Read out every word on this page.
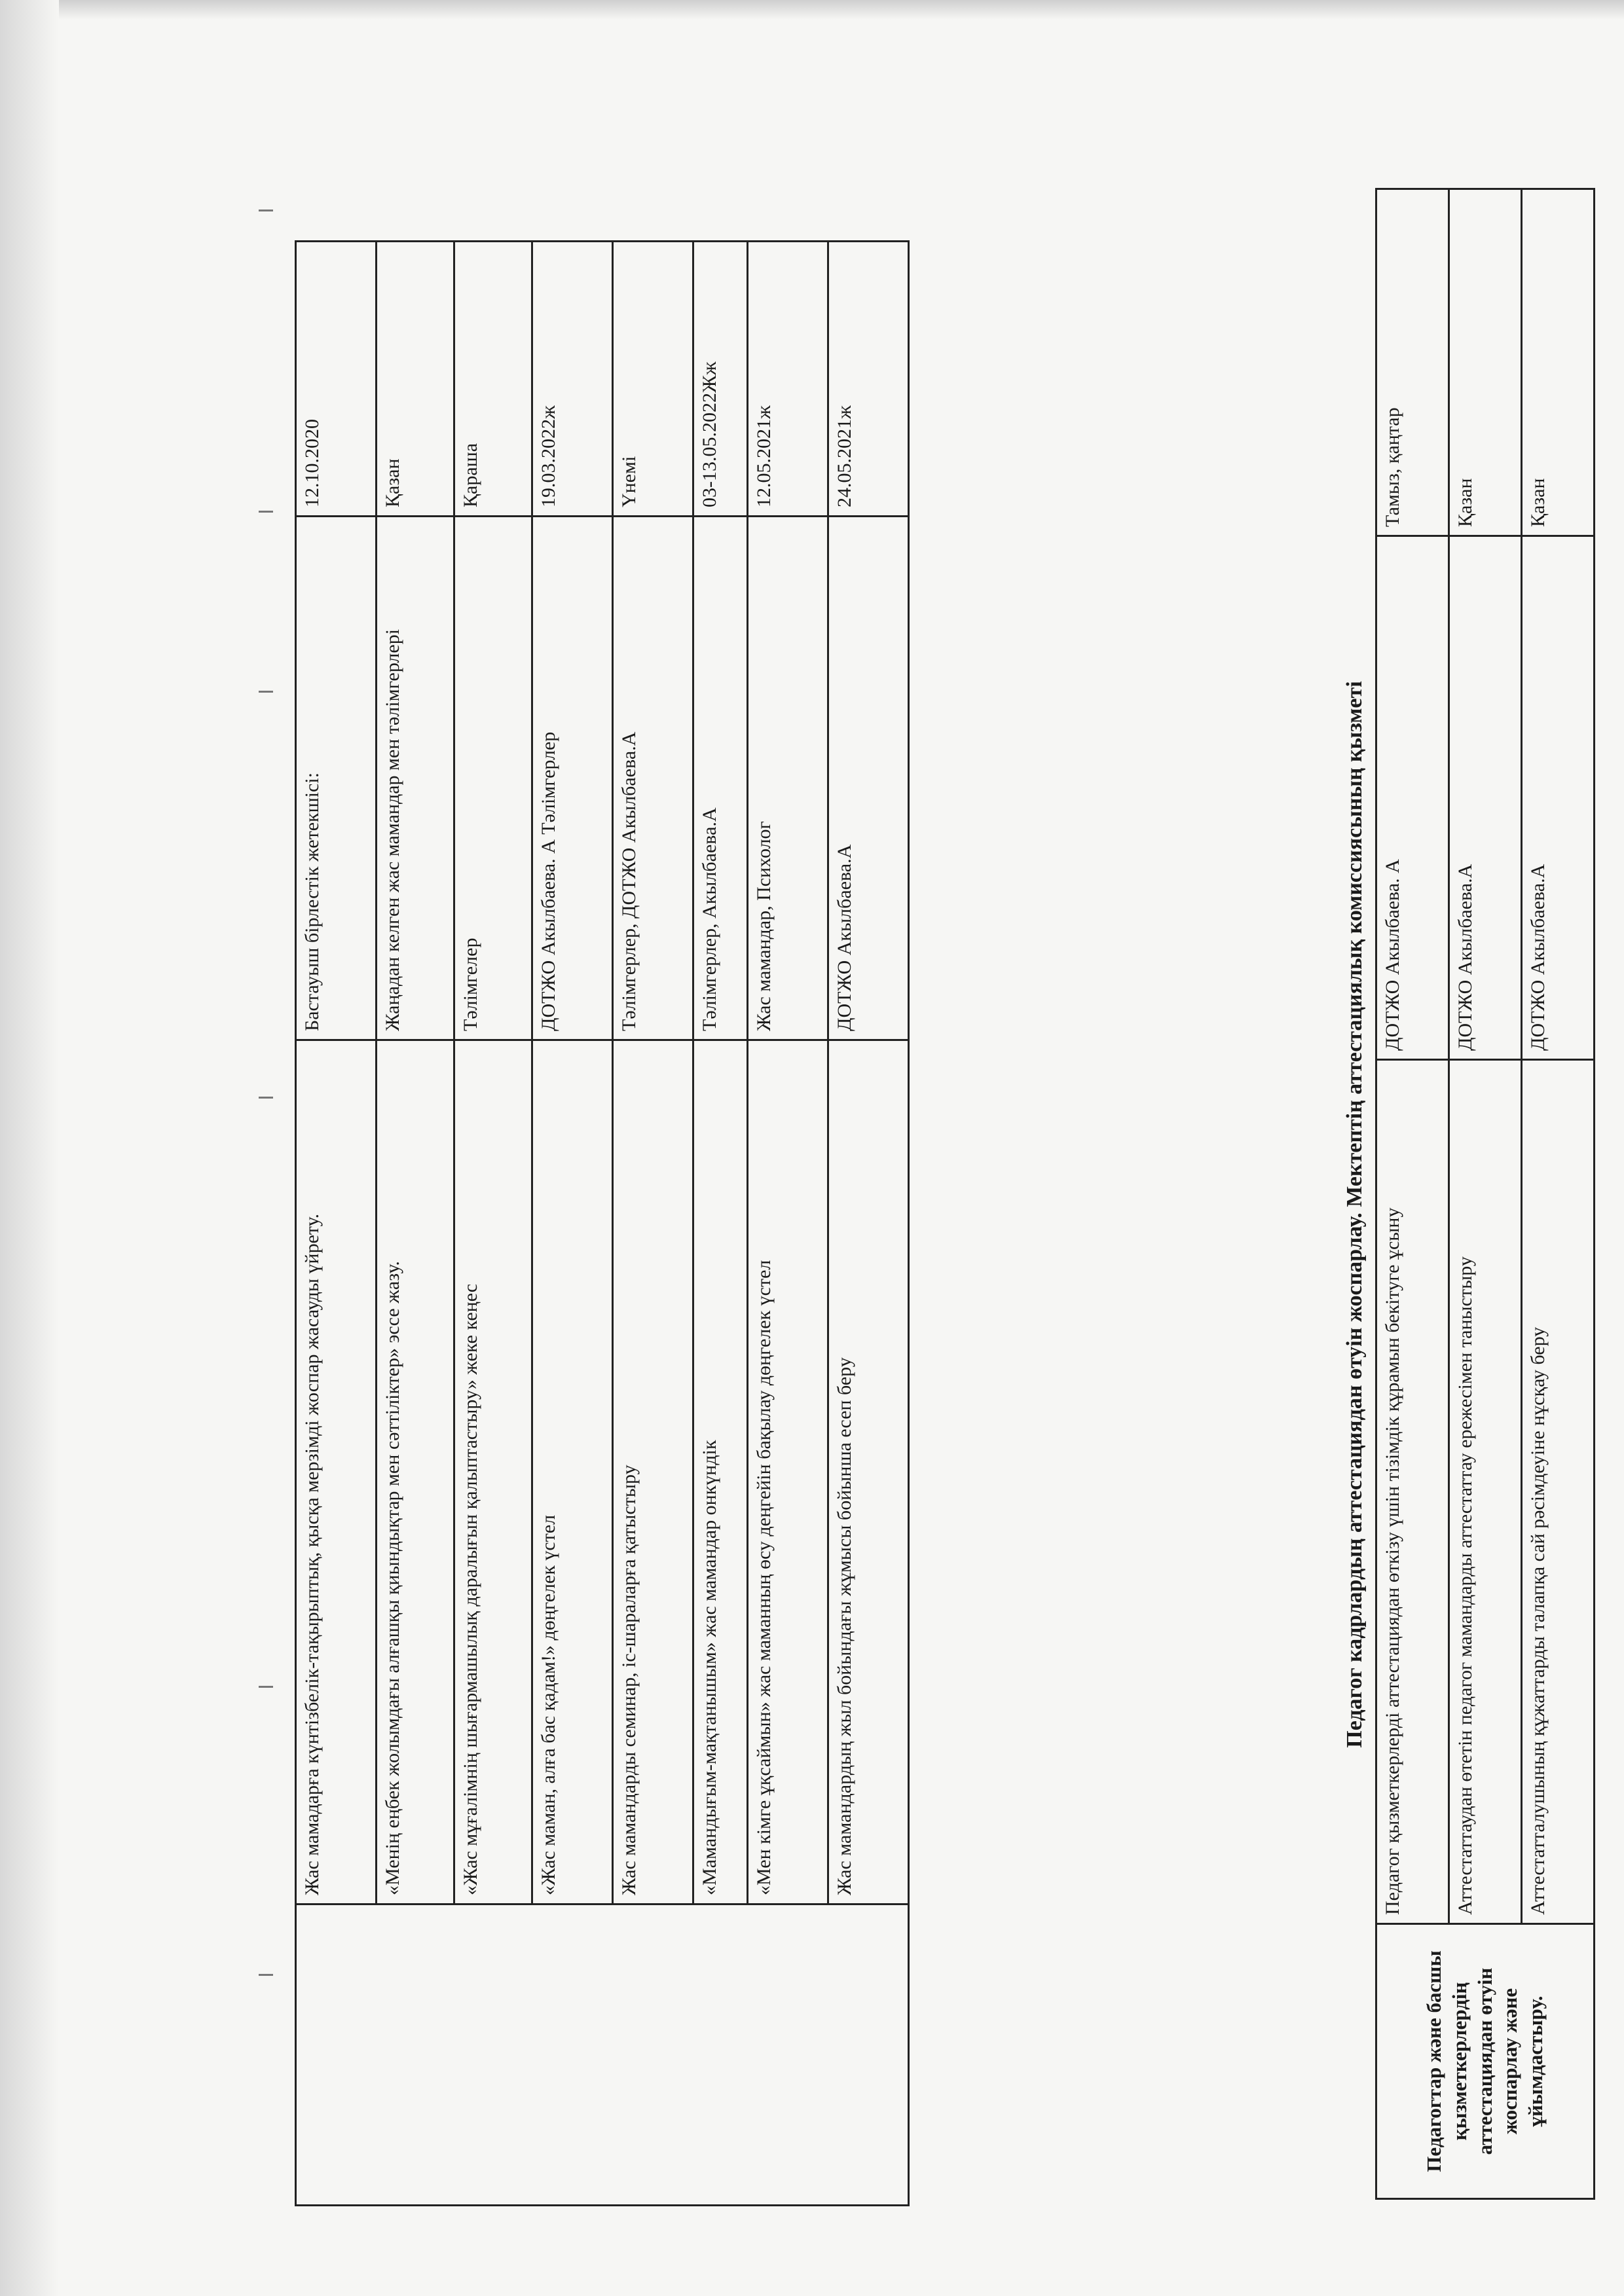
	Жас мамадарға күнтізбелік-тақырыптық, қысқа мерзімді жоспар жасауды үйрету.	Бастауыш бірлестік жетекшісі:	12.10.2020
	«Менің еңбек жолымдағы алғашқы қиындықтар мен сәттіліктер» эссе жазу.	Жаңадан келген жас мамандар мен тәлімгерлері	Қазан
	«Жас мұғалімнің шығармашылық даралығын қалыптастыру» жеке кеңес	Тәлімгелер	Қараша
	«Жас маман, алға бас қадам!» дөңгелек үстел	ДОТЖО Акылбаева. А Тәлімгерлер	19.03.2022ж
	Жас мамандарды семинар, іс-шараларға қатыстыру	Тәлімгерлер, ДОТЖО Акылбаева.А	Үнемі
	«Мамандығым-мақтанышым» жас мамандар онкүндік	Тәлімгерлер, Акылбаева.А	03-13.05.2022Жж
	«Мен кімге ұқсаймын» жас маманның өсу деңгейін бақылау дөңгелек үстел	Жас мамандар, Психолог	12.05.2021ж
	Жас мамандардың жыл бойындағы жұмысы бойынша есеп беру	ДОТЖО Акылбаева.А	24.05.2021ж
Педагог кадрлардың аттестациядан өтуін жоспарлау. Мектептің аттестациялық комиссиясының қызметі
Педагогтар және басшы қызметкерлердің аттестациядан өтуін жоспарлау және ұйымдастыру.	Педагог қызметкерлерді аттестациядан өткізу үшін тізімдік құрамын бекітуге ұсыну	ДОТЖО Акылбаева. А	Тамыз, қаңтар
	Аттестаттаудан өтетін педагог мамандарды аттестаттау ережесімен таныстыру	ДОТЖО Акылбаева.А	Қазан
	Аттестатталушының құжаттарды талапқа сай рәсімдеуіне нұсқау беру	ДОТЖО Акылбаева.А	Қазан
